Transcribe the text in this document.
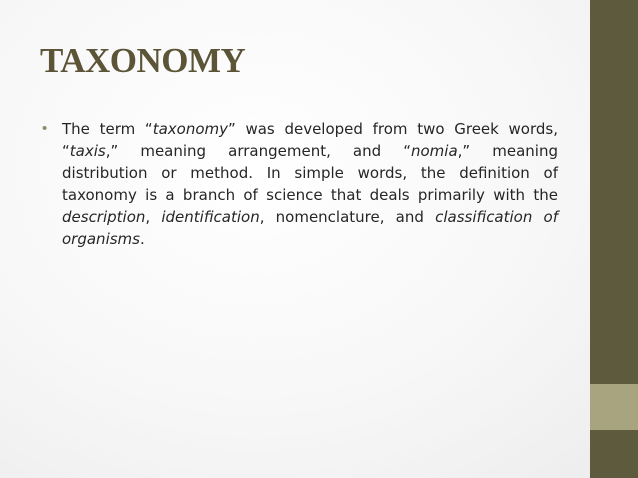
TAXONOMY
• The term “taxonomy” was developed from two Greek words, “taxis,” meaning arrangement, and “nomia,” meaning distribution or method. In simple words, the definition of taxonomy is a branch of science that deals primarily with the description, identification, nomenclature, and classification of organisms.
